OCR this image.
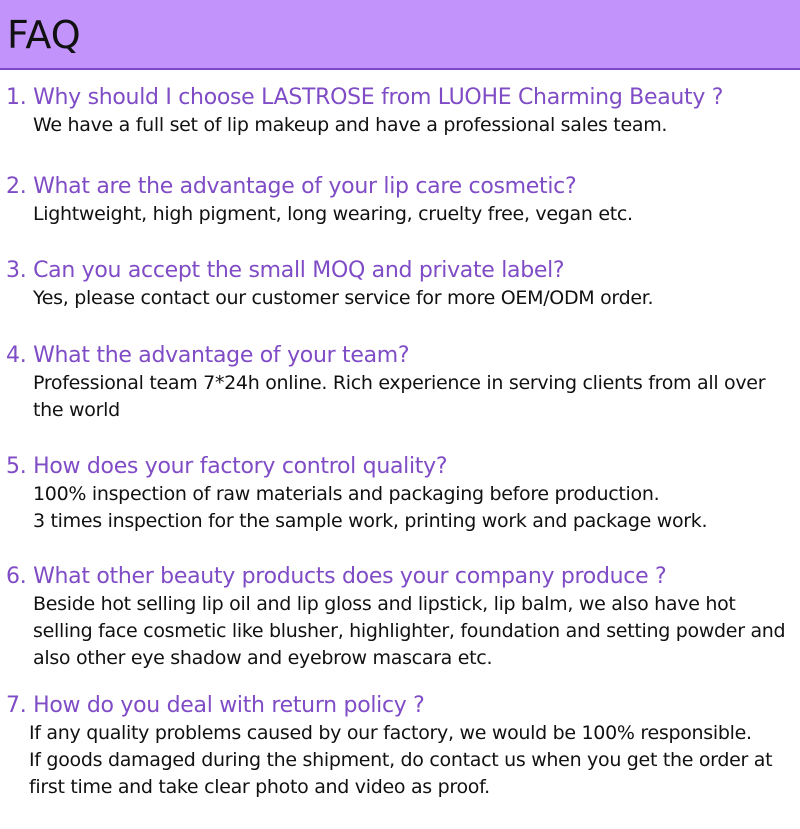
FAQ
1. Why should I choose LASTROSE from LUOHE Charming Beauty ?

We have a full set of lip makeup and have a professional sales team.

2. What are the advantage of your lip care cosmetic?

Lightweight, high pigment, long wearing, cruelty free, vegan etc.

3. Can you accept the small MOQ and private label?

Yes, please contact our customer service for more OEM/ODM order.

4. What the advantage of your team?

Professional team 7*24h online. Rich experience in serving clients from all over the world

5. How does your factory control quality?

100% inspection of raw materials and packaging before production.

3 times inspection for the sample work, printing work and package work.

6. What other beauty products does your company produce ?

Beside hot selling lip oil and lip gloss and lipstick, lip balm, we also have hot selling face cosmetic like blusher, highlighter, foundation and setting powder and also other eye shadow and eyebrow mascara etc.

7. How do you deal with return policy ?

If any quality problems caused by our factory, we would be 100% responsible.

If goods damaged during the shipment, do contact us when you get the order at first time and take clear photo and video as proof.
